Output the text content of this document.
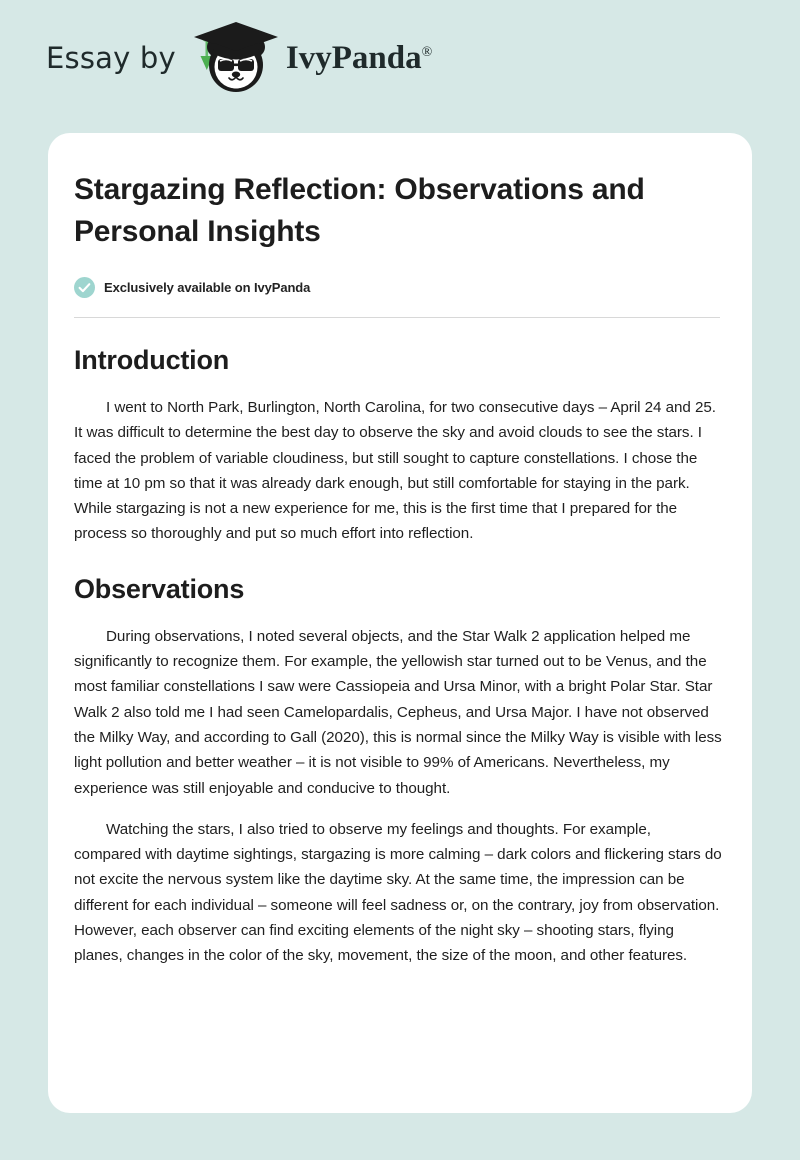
Essay by	IvyPanda®
Stargazing Reflection: Observations and Personal Insights
Exclusively available on IvyPanda
Introduction

I went to North Park, Burlington, North Carolina, for two consecutive days – April 24 and 25. It was difficult to determine the best day to observe the sky and avoid clouds to see the stars. I faced the problem of variable cloudiness, but still sought to capture constellations. I chose the time at 10 pm so that it was already dark enough, but still comfortable for staying in the park. While stargazing is not a new experience for me, this is the first time that I prepared for the process so thoroughly and put so much effort into reflection.

Observations

During observations, I noted several objects, and the Star Walk 2 application helped me significantly to recognize them. For example, the yellowish star turned out to be Venus, and the most familiar constellations I saw were Cassiopeia and Ursa Minor, with a bright Polar Star. Star Walk 2 also told me I had seen Camelopardalis, Cepheus, and Ursa Major. I have not observed the Milky Way, and according to Gall (2020), this is normal since the Milky Way is visible with less light pollution and better weather – it is not visible to 99% of Americans. Nevertheless, my experience was still enjoyable and conducive to thought.

Watching the stars, I also tried to observe my feelings and thoughts. For example, compared with daytime sightings, stargazing is more calming – dark colors and flickering stars do not excite the nervous system like the daytime sky. At the same time, the impression can be different for each individual – someone will feel sadness or, on the contrary, joy from observation. However, each observer can find exciting elements of the night sky – shooting stars, flying planes, changes in the color of the sky, movement, the size of the moon, and other features.
